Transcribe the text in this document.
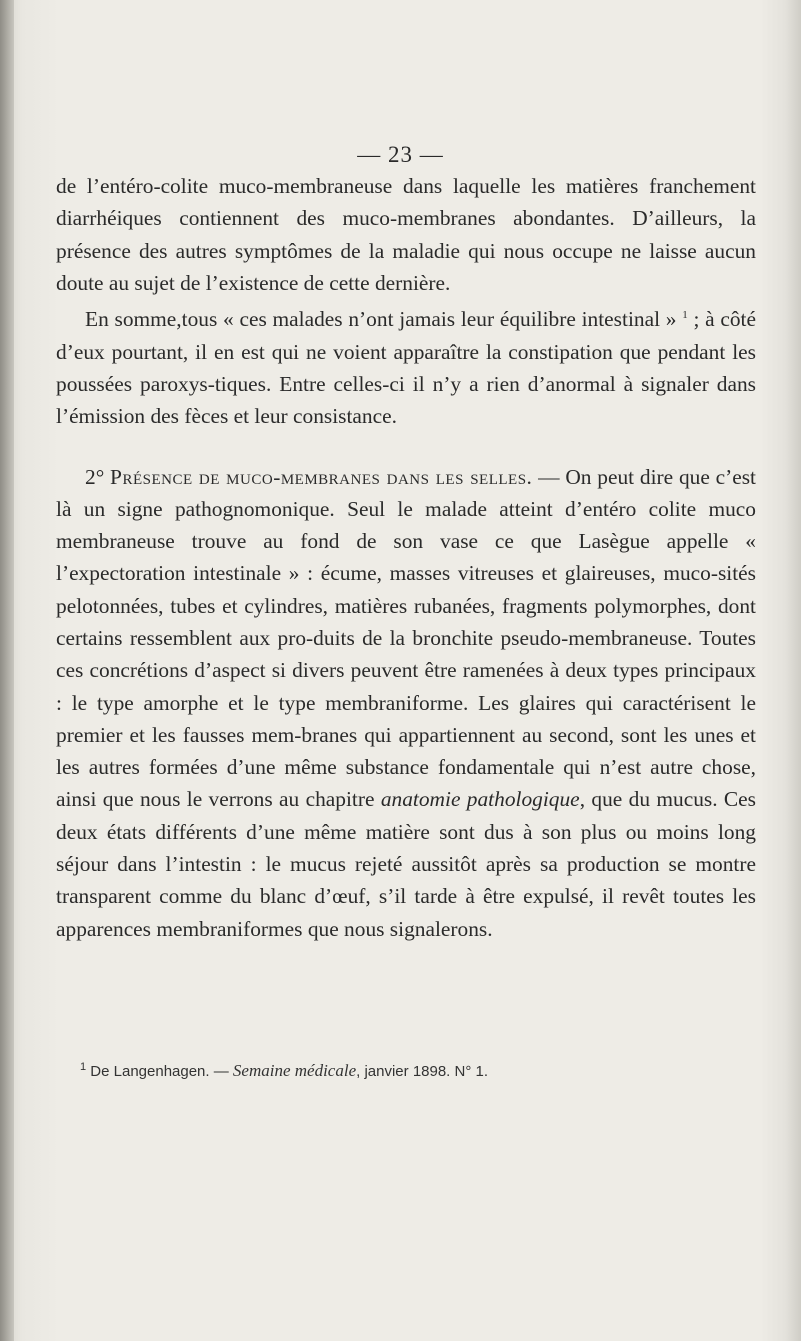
— 23 —

de l’entéro-colite muco-membraneuse dans laquelle les matières franchement diarrhéiques contiennent des muco-membranes abondantes. D’ailleurs, la présence des autres symptômes de la maladie qui nous occupe ne laisse aucun doute au sujet de l’existence de cette dernière.

En somme,tous « ces malades n’ont jamais leur équilibre intestinal » $^1$ ; à côté d’eux pourtant, il en est qui ne voient apparaître la constipation que pendant les poussées paroxys-tiques. Entre celles-ci il n’y a rien d’anormal à signaler dans l’émission des fèces et leur consistance.

2° Présence de muco-membranes dans les selles. — On peut dire que c’est là un signe pathognomonique. Seul le malade atteint d’entéro colite muco membraneuse trouve au fond de son vase ce que Lasègue appelle « l’expectoration intestinale » : écume, masses vitreuses et glaireuses, muco-sités pelotonnées, tubes et cylindres, matières rubanées, fragments polymorphes, dont certains ressemblent aux pro-duits de la bronchite pseudo-membraneuse. Toutes ces concrétions d’aspect si divers peuvent être ramenées à deux types principaux : le type amorphe et le type membraniforme. Les glaires qui caractérisent le premier et les fausses mem-branes qui appartiennent au second, sont les unes et les autres formées d’une même substance fondamentale qui n’est autre chose, ainsi que nous le verrons au chapitre anatomie pathologique, que du mucus. Ces deux états différents d’une même matière sont dus à son plus ou moins long séjour dans l’intestin : le mucus rejeté aussitôt après sa production se montre transparent comme du blanc d’œuf, s’il tarde à être expulsé, il revêt toutes les apparences membraniformes que nous signalerons.

$^1$ De Langenhagen. — Semaine médicale, janvier 1898. N° 1.
